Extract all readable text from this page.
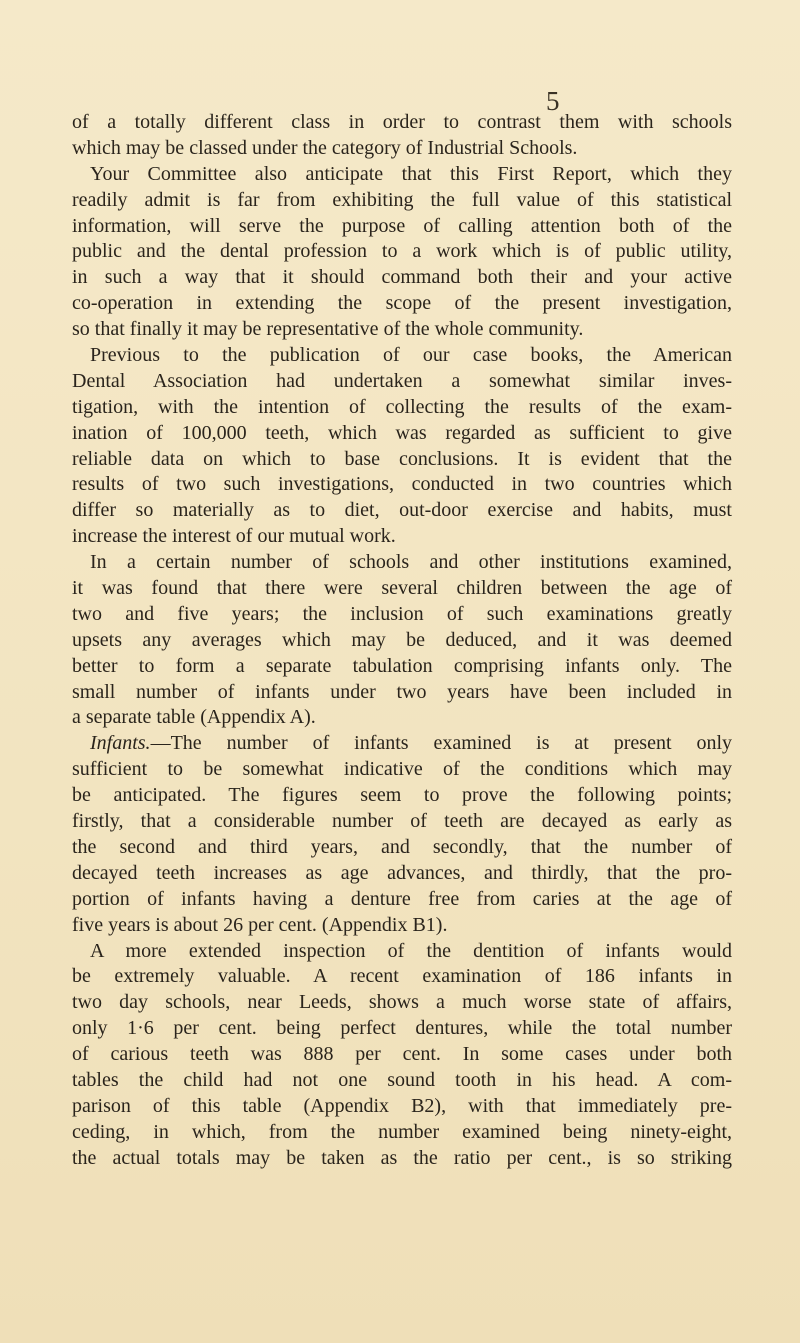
5
of a totally different class in order to contrast them with schools
which may be classed under the category of Industrial Schools.
Your Committee also anticipate that this First Report, which they
readily admit is far from exhibiting the full value of this statistical
information, will serve the purpose of calling attention both of the
public and the dental profession to a work which is of public utility,
in such a way that it should command both their and your active
co-operation in extending the scope of the present investigation,
so that finally it may be representative of the whole community.
Previous to the publication of our case books, the American
Dental Association had undertaken a somewhat similar inves-
tigation, with the intention of collecting the results of the exam-
ination of 100,000 teeth, which was regarded as sufficient to give
reliable data on which to base conclusions. It is evident that the
results of two such investigations, conducted in two countries which
differ so materially as to diet, out-door exercise and habits, must
increase the interest of our mutual work.
In a certain number of schools and other institutions examined,
it was found that there were several children between the age of
two and five years; the inclusion of such examinations greatly
upsets any averages which may be deduced, and it was deemed
better to form a separate tabulation comprising infants only. The
small number of infants under two years have been included in
a separate table (Appendix A).
Infants.—The number of infants examined is at present only
sufficient to be somewhat indicative of the conditions which may
be anticipated. The figures seem to prove the following points;
firstly, that a considerable number of teeth are decayed as early as
the second and third years, and secondly, that the number of
decayed teeth increases as age advances, and thirdly, that the pro-
portion of infants having a denture free from caries at the age of
five years is about 26 per cent. (Appendix B1).
A more extended inspection of the dentition of infants would
be extremely valuable. A recent examination of 186 infants in
two day schools, near Leeds, shows a much worse state of affairs,
only 1·6 per cent. being perfect dentures, while the total number
of carious teeth was 888 per cent. In some cases under both
tables the child had not one sound tooth in his head. A com-
parison of this table (Appendix B2), with that immediately pre-
ceding, in which, from the number examined being ninety-eight,
the actual totals may be taken as the ratio per cent., is so striking
